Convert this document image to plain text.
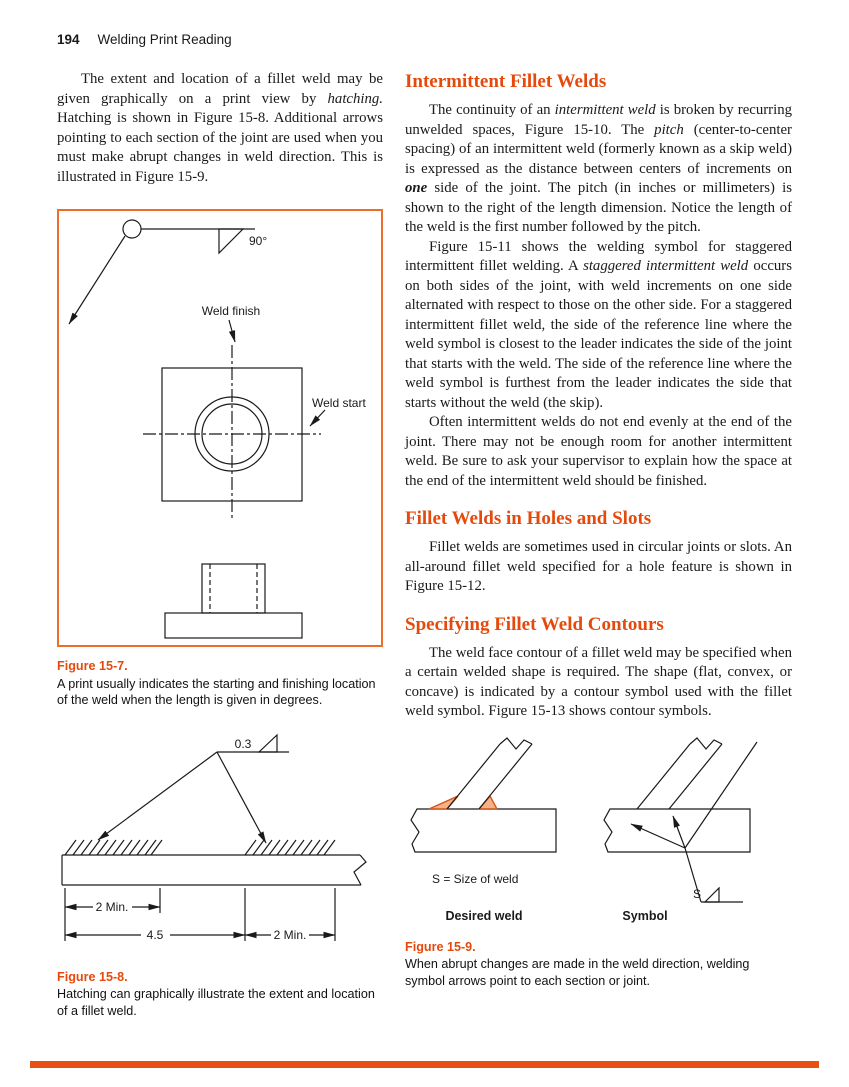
194 Welding Print Reading

The extent and location of a fillet weld may be given graphically on a print view by hatching. Hatching is shown in Figure 15-8. Additional arrows pointing to each section of the joint are used when you must make abrupt changes in weld direction. This is illustrated in Figure 15-9.

90°
Weld finish
Weld start
Figure 15-7.
A print usually indicates the starting and finishing location of the weld when the length is given in degrees.
0.3
2 Min.
4.5	2 Min.
Figure 15-8.
Hatching can graphically illustrate the extent and location of a fillet weld.
Intermittent Fillet Welds

The continuity of an intermittent weld is broken by recurring unwelded spaces, Figure 15-10. The pitch (center-to-center spacing) of an intermittent weld (formerly known as a skip weld) is expressed as the distance between centers of increments on one side of the joint. The pitch (in inches or millimeters) is shown to the right of the length dimension. Notice the length of the weld is the first number followed by the pitch.

Figure 15-11 shows the welding symbol for staggered intermittent fillet welding. A staggered intermittent weld occurs on both sides of the joint, with weld increments on one side alternated with respect to those on the other side. For a staggered intermittent fillet weld, the side of the reference line where the weld symbol is closest to the leader indicates the side of the joint that starts with the weld. The side of the reference line where the weld symbol is furthest from the leader indicates the side that starts without the weld (the skip).

Often intermittent welds do not end evenly at the end of the joint. There may not be enough room for another intermittent weld. Be sure to ask your supervisor to explain how the space at the end of the intermittent weld should be finished.

Fillet Welds in Holes and Slots

Fillet welds are sometimes used in circular joints or slots. An all-around fillet weld specified for a hole feature is shown in Figure 15-12.

Specifying Fillet Weld Contours

The weld face contour of a fillet weld may be specified when a certain welded shape is required. The shape (flat, convex, or concave) is indicated by a contour symbol used with the fillet weld symbol. Figure 15-13 shows contour symbols.

S = Size of weld
S
Desired weld	Symbol
Figure 15-9.
When abrupt changes are made in the weld direction, welding symbol arrows point to each section or joint.
